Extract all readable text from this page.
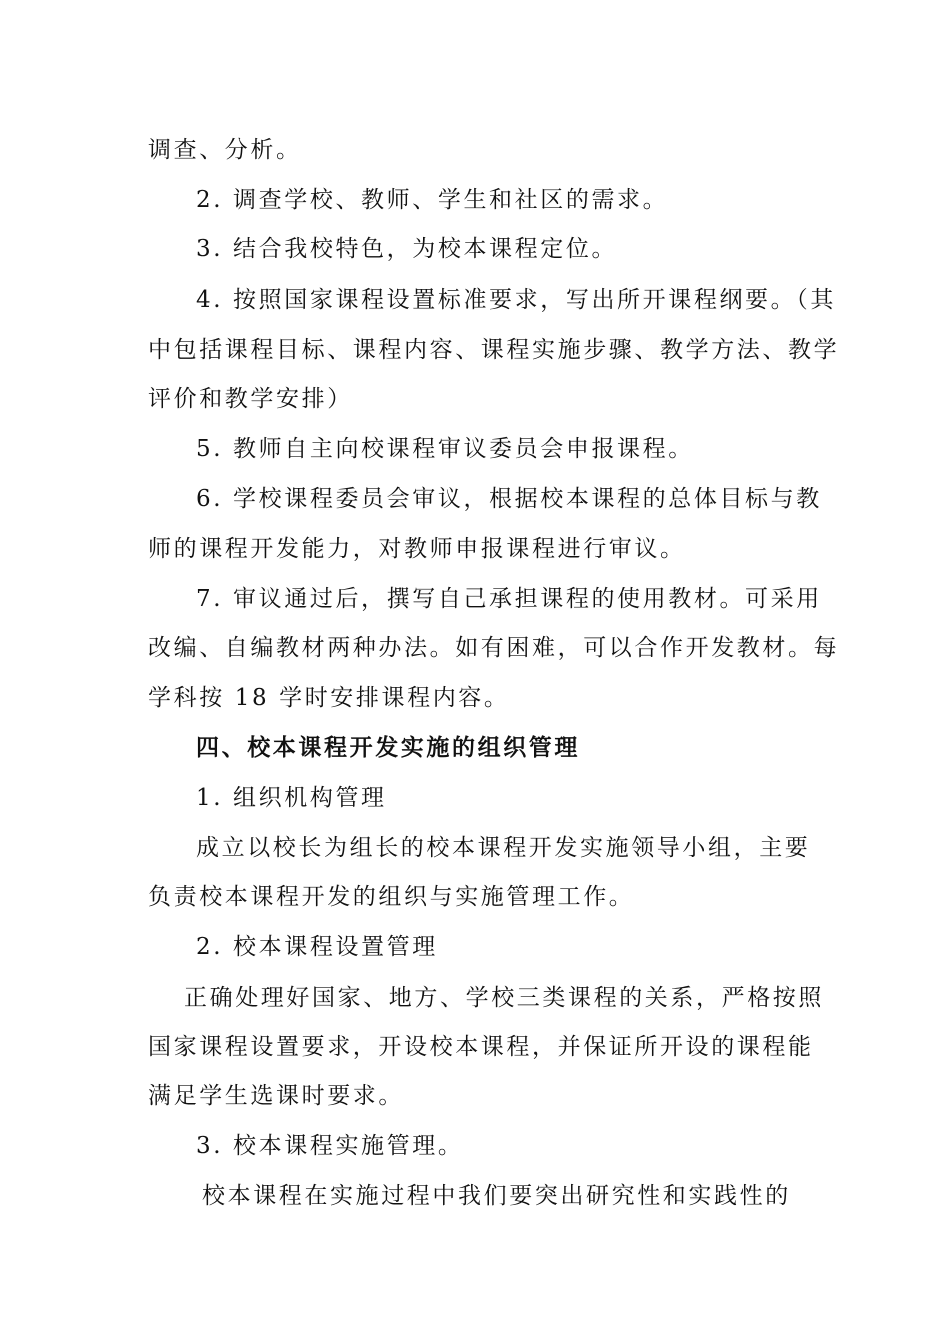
调查、分析。
2. 调查学校、教师、学生和社区的需求。
3. 结合我校特色，为校本课程定位。
4. 按照国家课程设置标准要求，写出所开课程纲要。（其
中包括课程目标、课程内容、课程实施步骤、教学方法、教学
评价和教学安排）
5. 教师自主向校课程审议委员会申报课程。
6. 学校课程委员会审议，根据校本课程的总体目标与教
师的课程开发能力，对教师申报课程进行审议。
7. 审议通过后，撰写自己承担课程的使用教材。可采用
改编、自编教材两种办法。如有困难，可以合作开发教材。每
学科按 18 学时安排课程内容。
四、校本课程开发实施的组织管理
1. 组织机构管理
成立以校长为组长的校本课程开发实施领导小组，主要
负责校本课程开发的组织与实施管理工作。
2. 校本课程设置管理
正确处理好国家、地方、学校三类课程的关系，严格按照
国家课程设置要求，开设校本课程，并保证所开设的课程能
满足学生选课时要求。
3. 校本课程实施管理。
校本课程在实施过程中我们要突出研究性和实践性的
